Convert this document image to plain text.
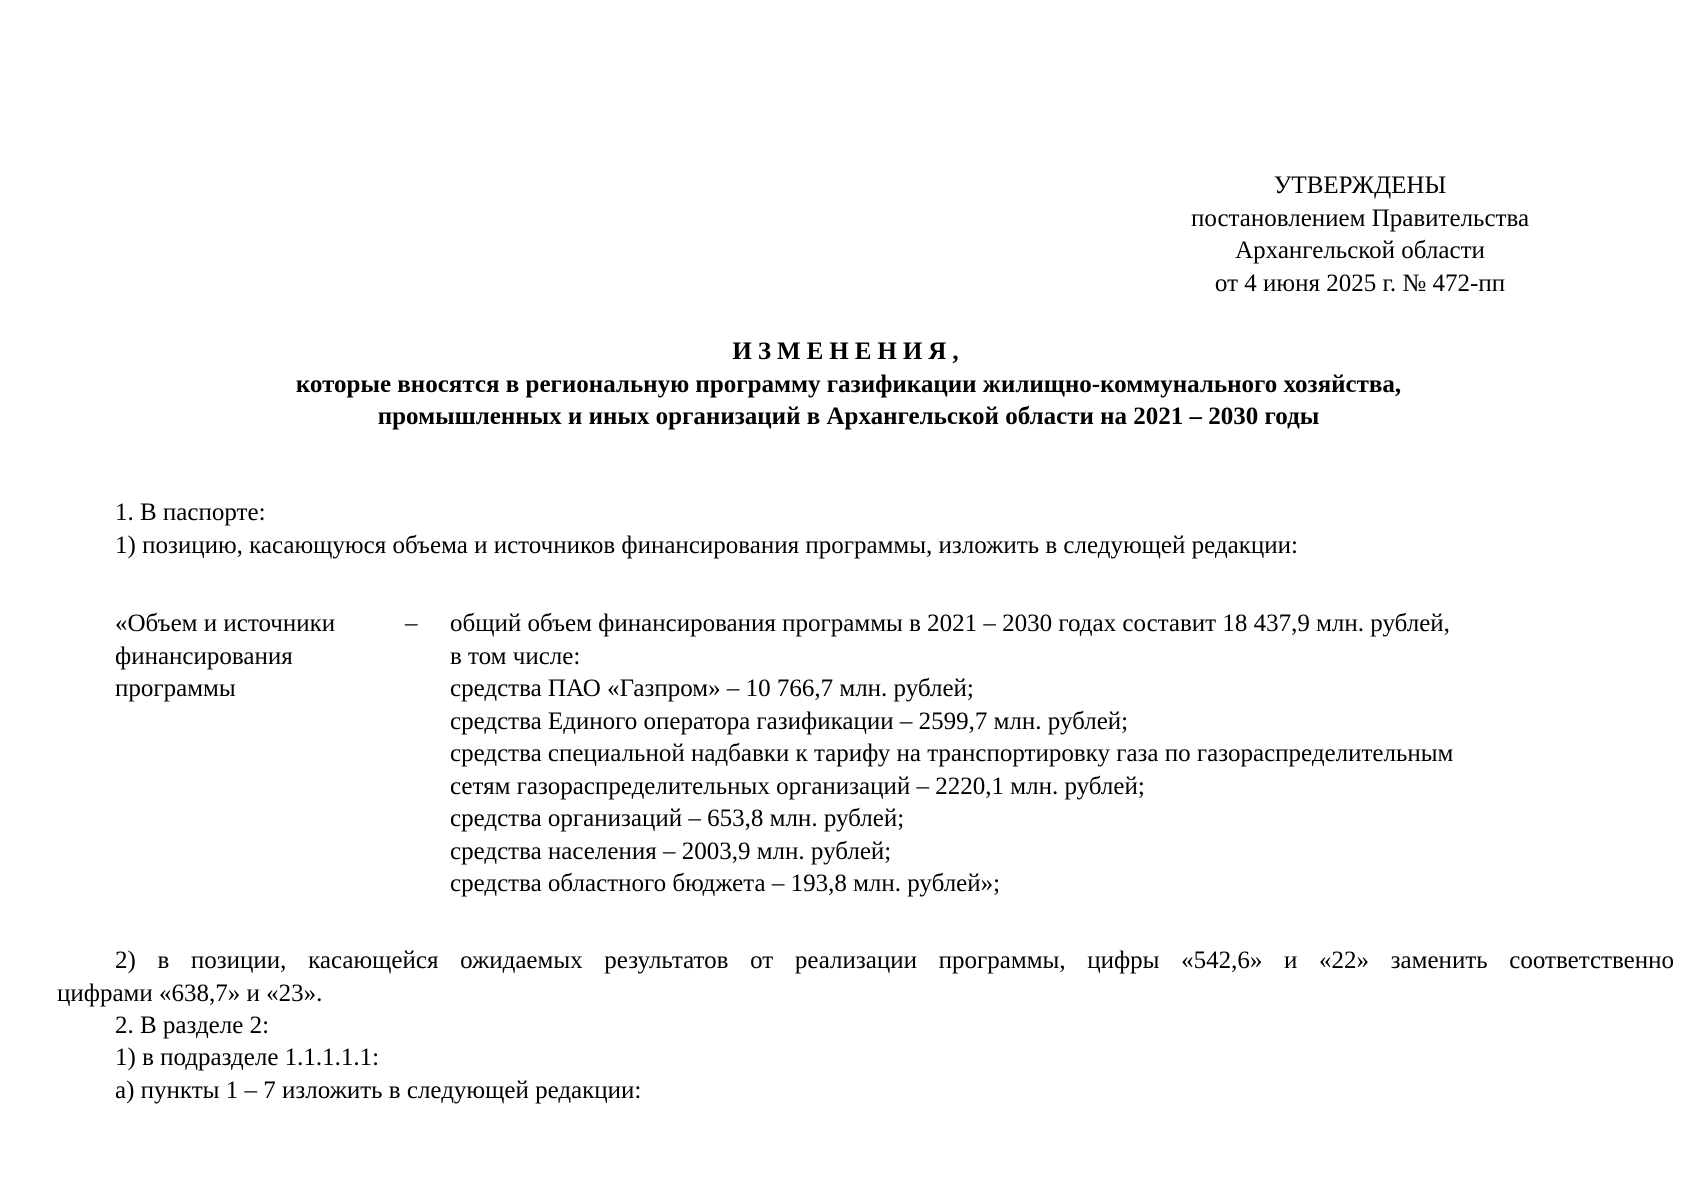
УТВЕРЖДЕНЫ
постановлением Правительства
Архангельской области
от 4 июня 2025 г. № 472-пп
ИЗМЕНЕНИЯ,
которые вносятся в региональную программу газификации жилищно-коммунального хозяйства,
промышленных и иных организаций в Архангельской области на 2021 – 2030 годы
1. В паспорте:
1) позицию, касающуюся объема и источников финансирования программы, изложить в следующей редакции:
«Объем и источники
финансирования
программы
– общий объем финансирования программы в 2021 – 2030 годах составит 18 437,9 млн. рублей,
в том числе:
средства ПАО «Газпром» – 10 766,7 млн. рублей;
средства Единого оператора газификации – 2599,7 млн. рублей;
средства специальной надбавки к тарифу на транспортировку газа по газораспределительным
сетям газораспределительных организаций – 2220,1 млн. рублей;
средства организаций – 653,8 млн. рублей;
средства населения – 2003,9 млн. рублей;
средства областного бюджета – 193,8 млн. рублей»;
2) в позиции, касающейся ожидаемых результатов от реализации программы, цифры «542,6» и «22» заменить соответственно
цифрами «638,7» и «23».
2. В разделе 2:
1) в подразделе 1.1.1.1.1:
а) пункты 1 – 7 изложить в следующей редакции:
